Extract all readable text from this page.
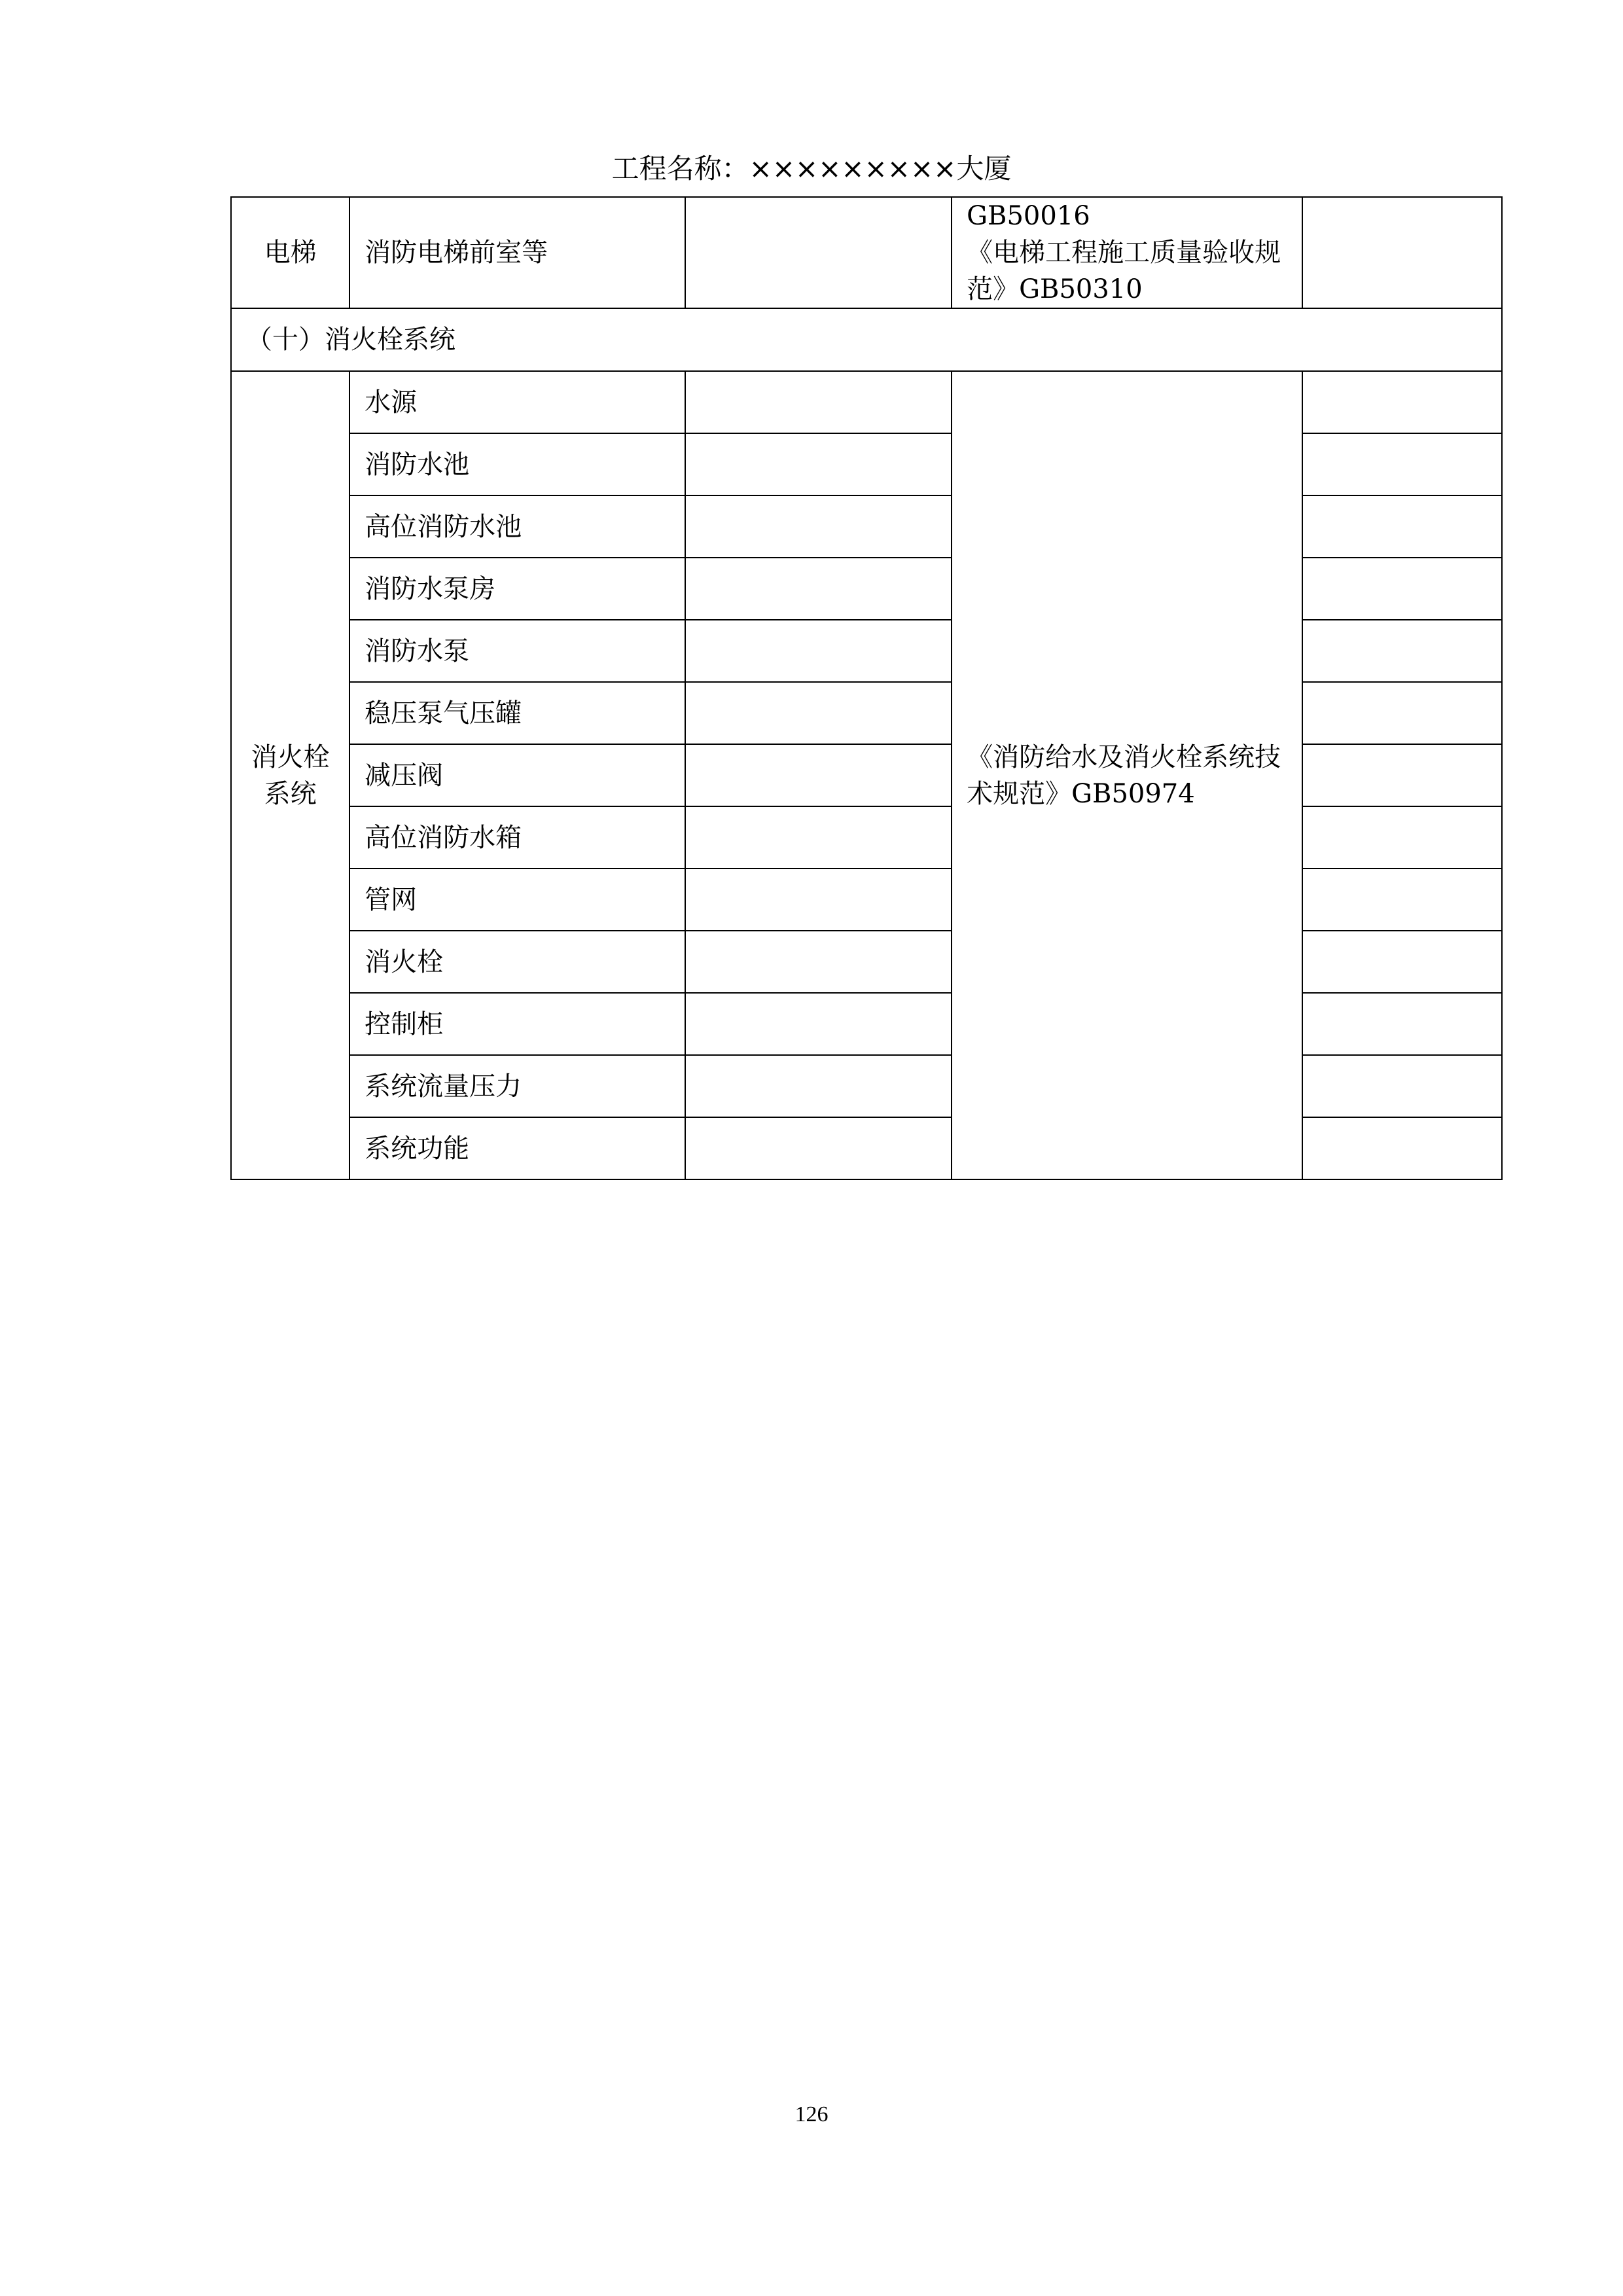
工程名称：×××××××××大厦
电梯	消防电梯前室等		GB50016
《电梯工程施工质量验收规范》GB50310	

（十）消火栓系统				
消火栓系统	水源		《消防给水及消火栓系统技术规范》GB50974	
	消防水池			
	高位消防水池			
	消防水泵房			
	消防水泵			
	稳压泵气压罐			
	减压阀			
	高位消防水箱			
	管网			
	消火栓			
	控制柜			
	系统流量压力			
	系统功能			
126
